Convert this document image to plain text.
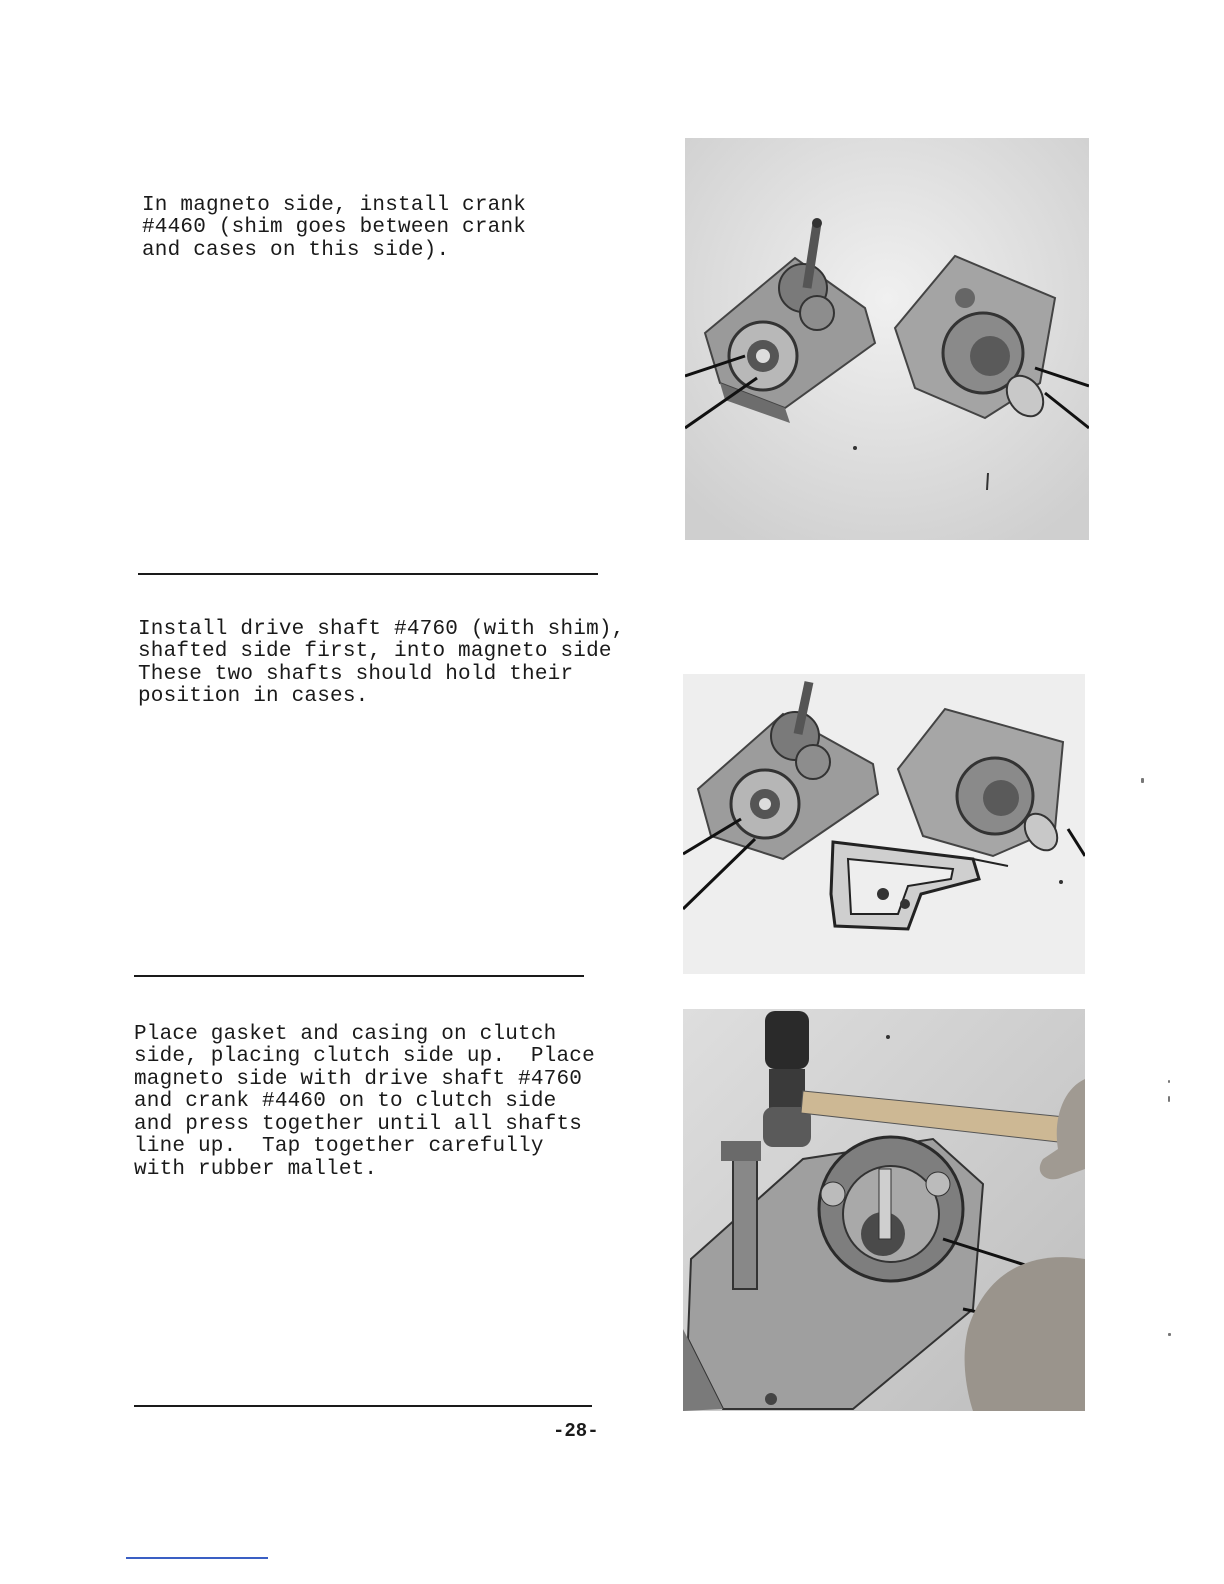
In magneto side, install crank
#4460 (shim goes between crank
and cases on this side).

Install drive shaft #4760 (with shim),
shafted side first, into magneto side
These two shafts should hold their
position in cases.

Place gasket and casing on clutch
side, placing clutch side up.  Place
magneto side with drive shaft #4760
and crank #4460 on to clutch side
and press together until all shafts
line up.  Tap together carefully
with rubber mallet.

-28-
